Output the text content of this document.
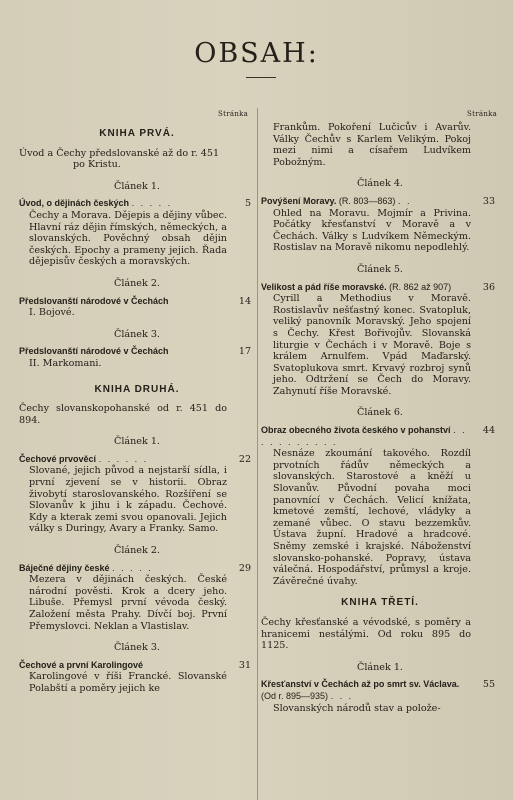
OBSAH:
Stránka	Stránka
KNIHA PRVÁ.
Úvod a Čechy předslovanské až do r. 451
po Kristu.
Článek 1.
Úvod, o dějinách českých . . . . .	5
Čechy a Morava. Dějepis a dějiny vůbec. Hlavní ráz dějin římských, německých, a slovanských. Pověchný obsah dějin českých. Epochy a prameny jejich. Řada dějepisův českých a moravských.
Článek 2.
Předslovanští národové v Čechách	14
I. Bojové.
Článek 3.
Předslovanští národové v Čechách	17
II. Markomani.
KNIHA DRUHÁ.
Čechy slovanskopohanské od r. 451 do 894.
Článek 1.
Čechové prvověcí . . . . . .	22
Slované, jejich původ a nejstarší sídla, i první zjevení se v historii. Obraz živobytí staroslovanského. Rozšíření se Slovanův k jihu i k západu. Čechové. Kdy a kterak zemi svou opanovali. Jejich války s Duringy, Avary a Franky. Samo.
Článek 2.
Báječné dějiny české . . . . .	29
Mezera v dějinách českých. České národní pověsti. Krok a dcery jeho. Libuše. Přemysl první vévoda český. Založení města Prahy. Dívčí boj. První Přemyslovci. Neklan a Vlastislav.
Článek 3.
Čechové a první Karolingové	31
Karolingové v říši Francké. Slovanské Polabští a poměry jejich ke
Frankům. Pokoření Lučicův i Avarův. Války Čechův s Karlem Velikým. Pokoj mezi nimi a císařem Ludvíkem Pobožným.
Článek 4.
Povýšení Moravy. (R. 803—863) . .	33
Ohled na Moravu. Mojmír a Privina. Počátky křesťanství v Moravě a v Čechách. Války s Ludvíkem Německým. Rostislav na Moravě nikomu nepodlehlý.
Článek 5.
Velikost a pád říše moravské. (R. 862 až 907)	36
Cyrill a Methodius v Moravě. Rostislavův nešťastný konec. Svatopluk, veliký panovník Moravský. Jeho spojení s Čechy. Křest Bořivojův. Slovanská liturgie v Čechách i v Moravě. Boje s králem Arnulfem. Vpád Maďarský. Svatoplukova smrt. Krvavý rozbroj synů jeho. Odtržení se Čech do Moravy. Zahynutí říše Moravské.
Článek 6.
Obraz obecného života českého v pohanství . . . . . . . . . . .
44
Nesnáze zkoumání takového. Rozdíl prvotních řádův německých a slovanských. Starostové a kněží u Slovanův. Původní povaha moci panovnící v Čechách. Velicí knížata, kmetové zemští, lechové, vládyky a zemané vůbec. O stavu bezzemkův. Ústava župní. Hradové a hradcové. Sněmy zemské i krajské. Náboženství slovansko-pohanské. Popravy, ústava válečná. Hospodářství, průmysl a kroje. Závěrečné úvahy.
KNIHA TŘETÍ.
Čechy křesťanské a vévodské, s poměry a hranicemi nestálými. Od roku 895 do 1125.
Článek 1.
Křesťanství v Čechách až po smrt sv. Václava. (Od r. 895—935) . . .
55
Slovanských národů stav a polože-
